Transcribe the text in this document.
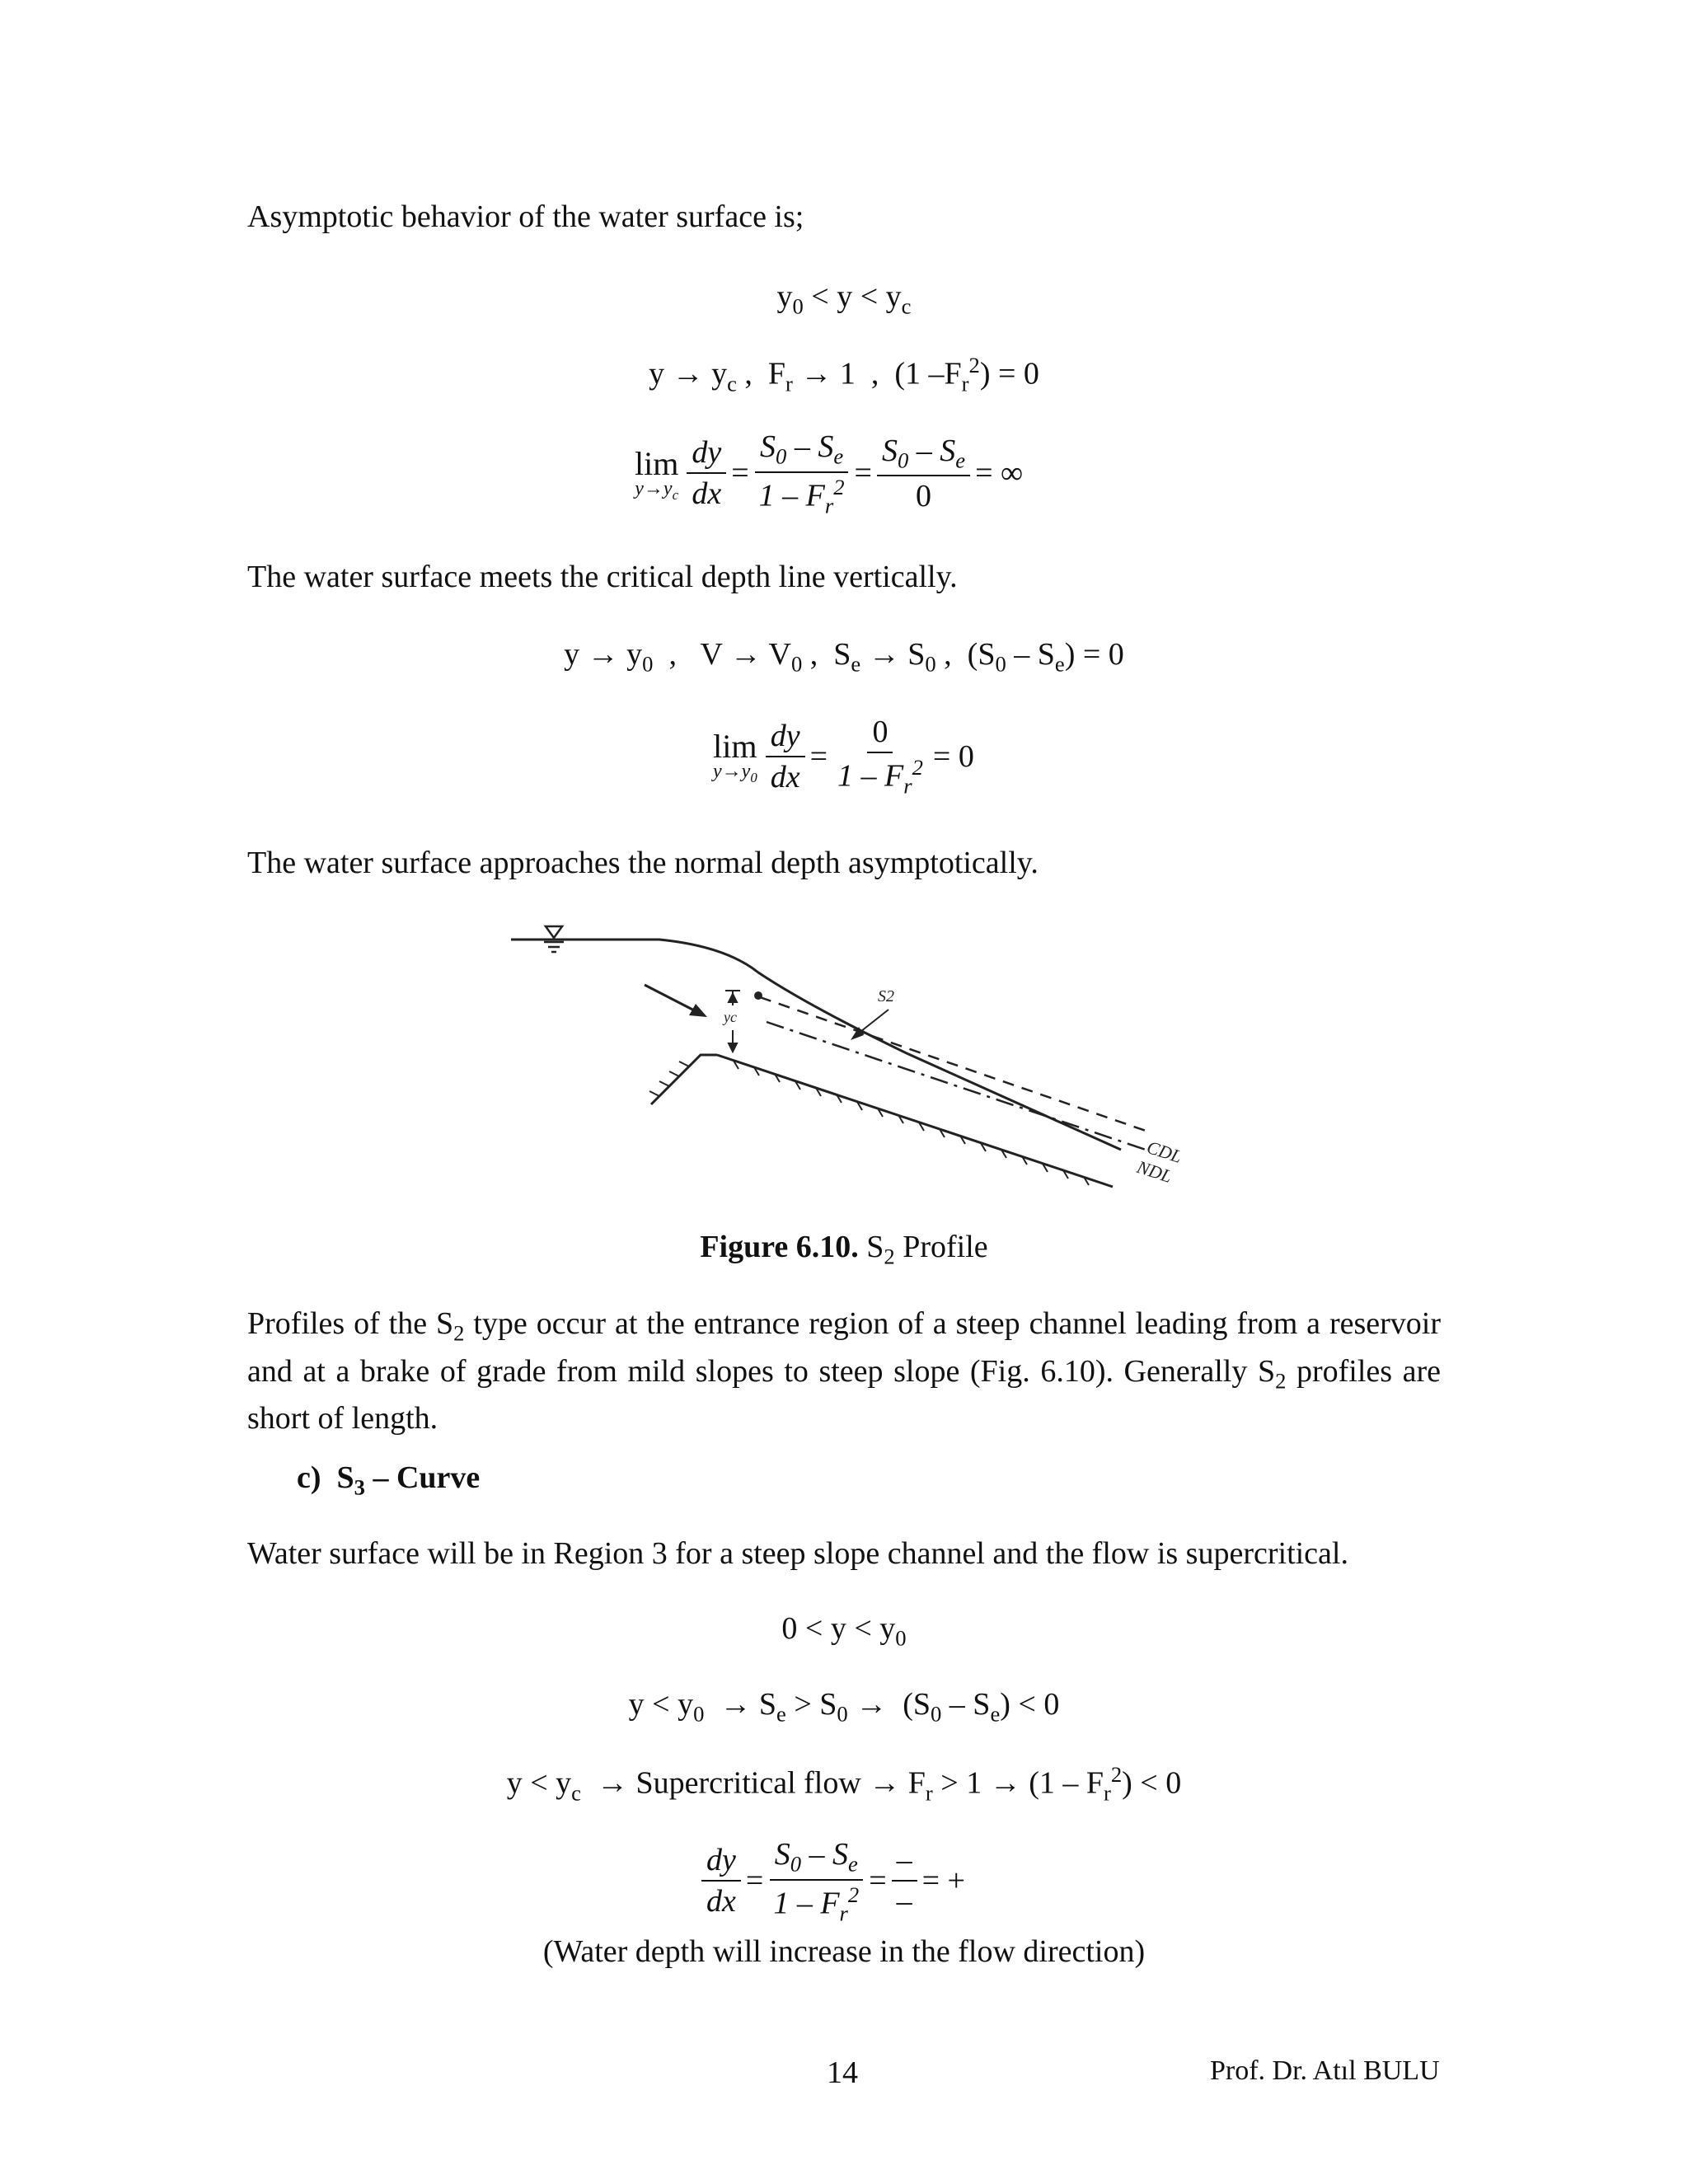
Asymptotic behavior of the water surface is;
$y_0 < y < y_c$
$y \to y_c$ ,  $F_r \to 1$  ,  (1 $-F_r^2) = 0$
lim
$y\to y_c \frac{dy}{dx} = \frac{S_0 - S_e}{1 - F_r^2} = \frac{S_0 - S_e}{0}$ = ∞
The water surface meets the critical depth line vertically.
$y \to y_0$  ,   $V \to V_0$ ,  $S_e \to S_0$ ,  $(S_0 - S_e) = 0$
lim
$y\to y_0 \frac{dy}{dx} = \frac{0}{1 - F_r^2} = 0$
The water surface approaches the normal depth asymptotically.
yc
S2
CDL
NDL
Figure 6.10. $S_2$ Profile
Profiles of the $S_2$ type occur at the entrance region of a steep channel leading from a reservoir and at a brake of grade from mild slopes to steep slope (Fig. 6.10). Generally $S_2$ profiles are short of length.
c)  $S_3$ – Curve
Water surface will be in Region 3 for a steep slope channel and the flow is supercritical.
$0 < y < y_0$
$y < y_0 \to S_e > S_0 \to (S_0 - S_e) < 0$
$y < y_c$  → Supercritical flow → $F_r > 1 \to (1 - F_r^2) < 0$
$\frac{dy}{dx} = \frac{S_0 - S_e}{1 - F_r^2} = \frac{-}{-}$ = +
(Water depth will increase in the flow direction)
14	Prof. Dr. Atıl BULU
